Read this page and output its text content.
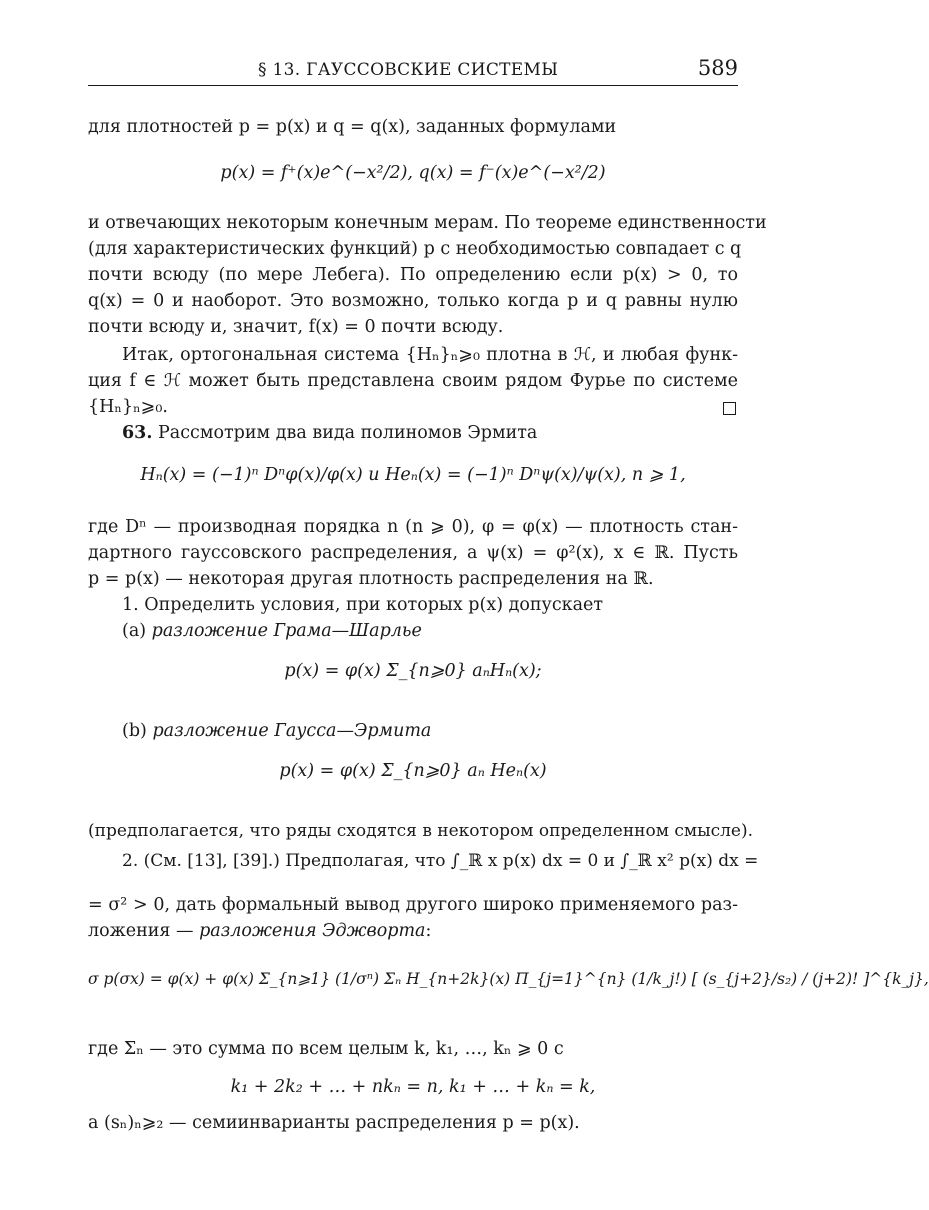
§ 13. ГАУССОВСКИЕ СИСТЕМЫ	589
для плотностей p = p(x) и q = q(x), заданных формулами
p(x) = f⁺(x)e^(−x²/2), q(x) = f⁻(x)e^(−x²/2)
и отвечающих некоторым конечным мерам. По теореме единственности
(для характеристических функций) p с необходимостью совпадает с q
почти всюду (по мере Лебега). По определению если p(x) > 0, то
q(x) = 0 и наоборот. Это возможно, только когда p и q равны нулю
почти всюду и, значит, f(x) = 0 почти всюду.
Итак, ортогональная система {Hₙ}ₙ⩾₀ плотна в ℋ, и любая функ-
ция f ∈ ℋ может быть представлена своим рядом Фурье по системе
{Hₙ}ₙ⩾₀.
63. Рассмотрим два вида полиномов Эрмита
Hₙ(x) = (−1)ⁿ Dⁿφ(x)/φ(x) и Heₙ(x) = (−1)ⁿ Dⁿψ(x)/ψ(x), n ⩾ 1,
где Dⁿ — производная порядка n (n ⩾ 0), φ = φ(x) — плотность стан-
дартного гауссовского распределения, а ψ(x) = φ²(x), x ∈ ℝ. Пусть
p = p(x) — некоторая другая плотность распределения на ℝ.
1. Определить условия, при которых p(x) допускает
(a) разложение Грама—Шарлье
p(x) = φ(x) Σ_{n⩾0} aₙHₙ(x);
(b) разложение Гаусса—Эрмита
p(x) = φ(x) Σ_{n⩾0} aₙ Heₙ(x)
(предполагается, что ряды сходятся в некотором определенном смысле).
2. (См. [13], [39].) Предполагая, что ∫_ℝ x p(x) dx = 0 и ∫_ℝ x² p(x) dx =
= σ² > 0, дать формальный вывод другого широко применяемого раз-
ложения — разложения Эджворта:
σ p(σx) = φ(x) + φ(x) Σ_{n⩾1} (1/σⁿ) Σₙ H_{n+2k}(x) Π_{j=1}^{n} (1/k_j!) [ (s_{j+2}/s₂) / (j+2)! ]^{k_j},
где Σₙ — это сумма по всем целым k, k₁, …, kₙ ⩾ 0 с
k₁ + 2k₂ + … + nkₙ = n, k₁ + … + kₙ = k,
а (sₙ)ₙ⩾₂ — семиинварианты распределения p = p(x).
